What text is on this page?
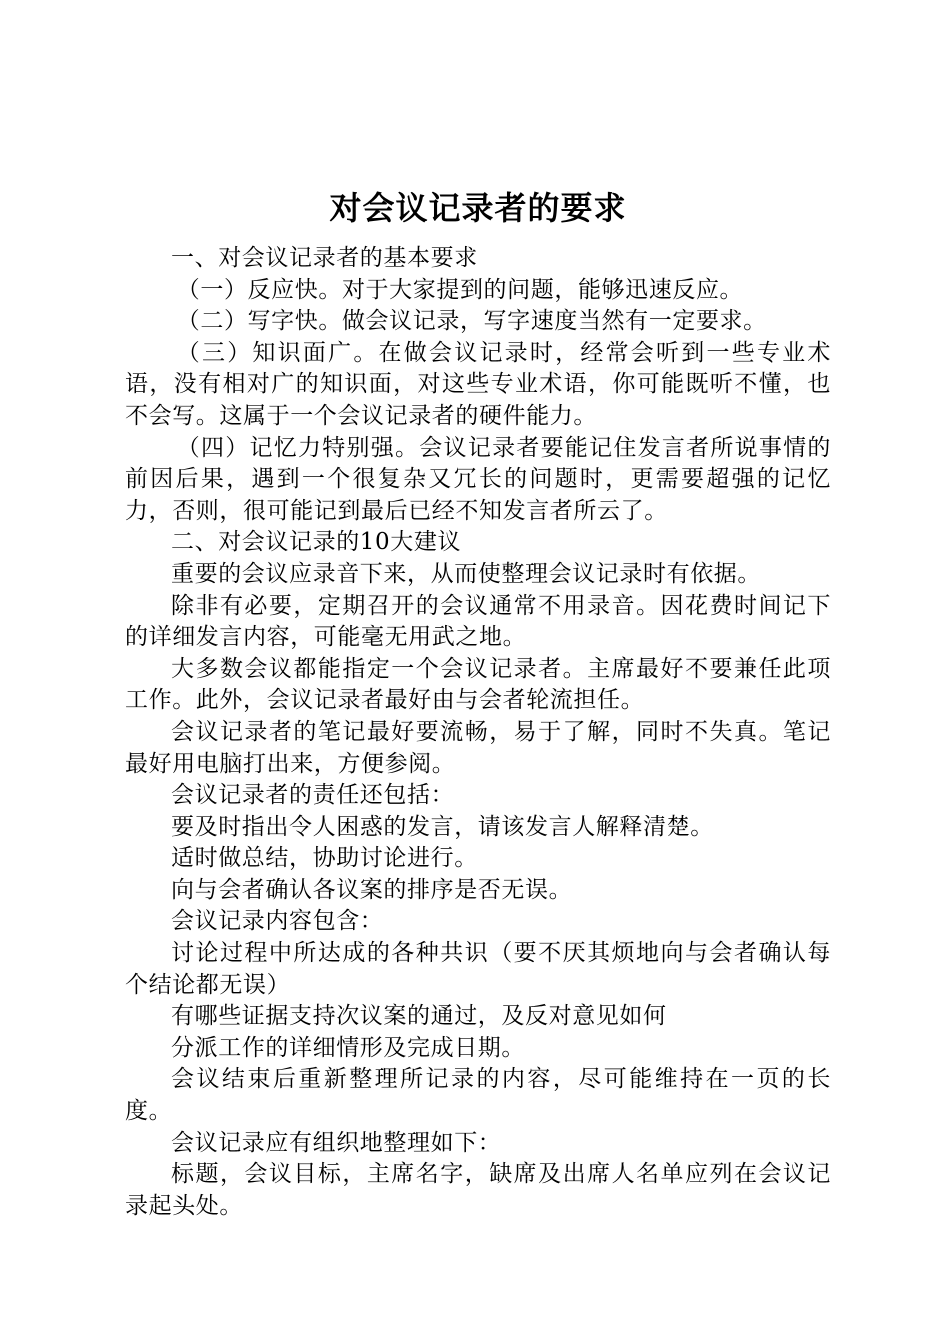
对会议记录者的要求

一、对会议记录者的基本要求

（一）反应快。对于大家提到的问题，能够迅速反应。

（二）写字快。做会议记录，写字速度当然有一定要求。

（三）知识面广。在做会议记录时，经常会听到一些专业术语，没有相对广的知识面，对这些专业术语，你可能既听不懂，也不会写。这属于一个会议记录者的硬件能力。

（四）记忆力特别强。会议记录者要能记住发言者所说事情的前因后果，遇到一个很复杂又冗长的问题时，更需要超强的记忆力，否则，很可能记到最后已经不知发言者所云了。

二、对会议记录的10大建议

重要的会议应录音下来，从而使整理会议记录时有依据。

除非有必要，定期召开的会议通常不用录音。因花费时间记下的详细发言内容，可能毫无用武之地。

大多数会议都能指定一个会议记录者。主席最好不要兼任此项工作。此外，会议记录者最好由与会者轮流担任。

会议记录者的笔记最好要流畅，易于了解，同时不失真。笔记最好用电脑打出来，方便参阅。

会议记录者的责任还包括：

要及时指出令人困惑的发言，请该发言人解释清楚。

适时做总结，协助讨论进行。

向与会者确认各议案的排序是否无误。

会议记录内容包含：

讨论过程中所达成的各种共识（要不厌其烦地向与会者确认每个结论都无误）

有哪些证据支持次议案的通过，及反对意见如何

分派工作的详细情形及完成日期。

会议结束后重新整理所记录的内容，尽可能维持在一页的长度。

会议记录应有组织地整理如下：

标题，会议目标，主席名字，缺席及出席人名单应列在会议记录起头处。
